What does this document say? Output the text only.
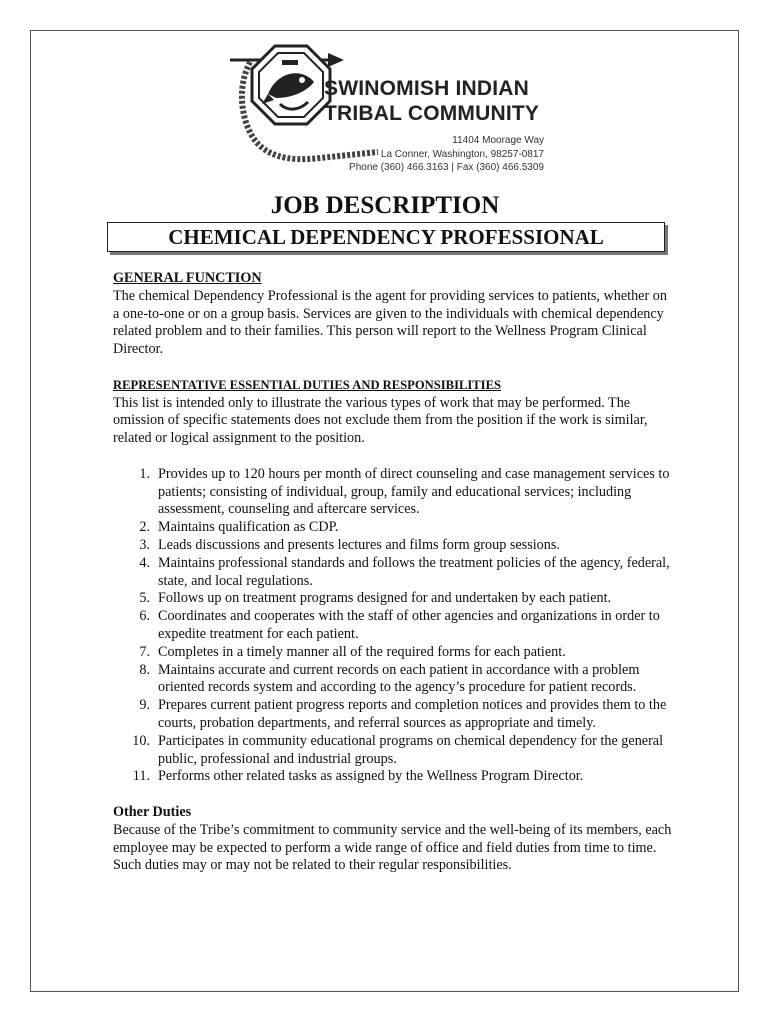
SWINOMISH INDIAN
TRIBAL COMMUNITY
11404 Moorage Way
La Conner, Washington, 98257-0817
Phone (360) 466.3163 | Fax (360) 466.5309
JOB DESCRIPTION
CHEMICAL DEPENDENCY PROFESSIONAL
GENERAL FUNCTION

The chemical Dependency Professional is the agent for providing services to patients, whether on a one-to-one or on a group basis. Services are given to the individuals with chemical dependency related problem and to their families. This person will report to the Wellness Program Clinical Director.

REPRESENTATIVE ESSENTIAL DUTIES AND RESPONSIBILITIES

This list is intended only to illustrate the various types of work that may be performed. The omission of specific statements does not exclude them from the position if the work is similar, related or logical assignment to the position.

1. Provides up to 120 hours per month of direct counseling and case management services to patients; consisting of individual, group, family and educational services; including assessment, counseling and aftercare services.
2. Maintains qualification as CDP.
3. Leads discussions and presents lectures and films form group sessions.
4. Maintains professional standards and follows the treatment policies of the agency, federal, state, and local regulations.
5. Follows up on treatment programs designed for and undertaken by each patient.
6. Coordinates and cooperates with the staff of other agencies and organizations in order to expedite treatment for each patient.
7. Completes in a timely manner all of the required forms for each patient.
8. Maintains accurate and current records on each patient in accordance with a problem oriented records system and according to the agency’s procedure for patient records.
9. Prepares current patient progress reports and completion notices and provides them to the courts, probation departments, and referral sources as appropriate and timely.
10. Participates in community educational programs on chemical dependency for the general public, professional and industrial groups.
11. Performs other related tasks as assigned by the Wellness Program Director.
Other Duties

Because of the Tribe’s commitment to community service and the well-being of its members, each employee may be expected to perform a wide range of office and field duties from time to time. Such duties may or may not be related to their regular responsibilities.
